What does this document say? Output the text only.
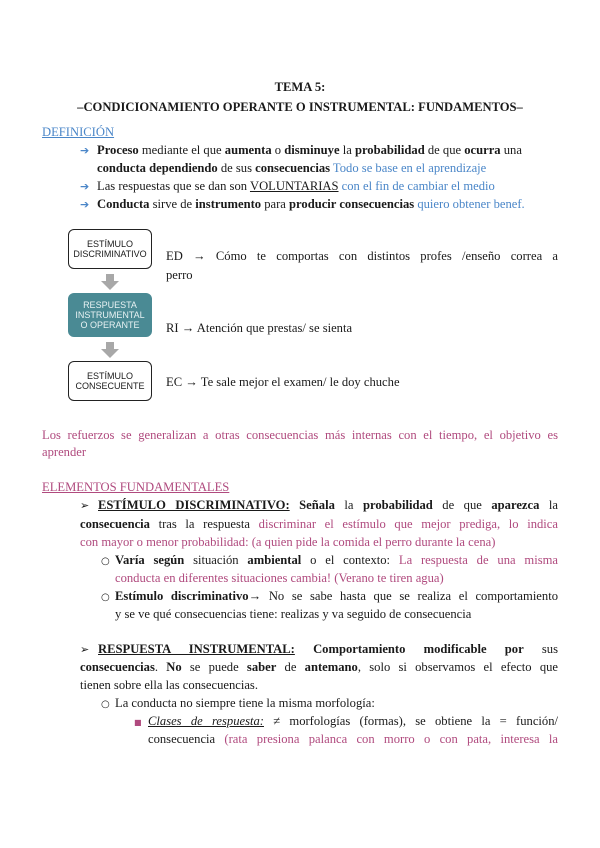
TEMA 5:
–CONDICIONAMIENTO OPERANTE O INSTRUMENTAL: FUNDAMENTOS–
DEFINICIÓN
➔ Proceso mediante el que aumenta o disminuye la probabilidad de que ocurra una
conducta dependiendo de sus consecuencias Todo se base en el aprendizaje
➔ Las respuestas que se dan son VOLUNTARIAS con el fin de cambiar el medio
➔ Conducta sirve de instrumento para producir consecuencias quiero obtener benef.
ESTÍMULO
DISCRIMINATIVO
RESPUESTA
INSTRUMENTAL
O OPERANTE
ESTÍMULO
CONSECUENTE
ED → Cómo te comportas con distintos profes /enseño correa a
perro
RI → Atención que prestas/ se sienta
EC → Te sale mejor el examen/ le doy chuche
Los refuerzos se generalizan a otras consecuencias más internas con el tiempo, el objetivo es
aprender
ELEMENTOS FUNDAMENTALES
➢ ESTÍMULO DISCRIMINATIVO: Señala la probabilidad de que aparezca la
consecuencia tras la respuesta discriminar el estímulo que mejor prediga, lo indica
con mayor o menor probabilidad: (a quien pide la comida el perro durante la cena)
○ Varía según situación ambiental o el contexto: La respuesta de una misma
conducta en diferentes situaciones cambia! (Verano te tiren agua)
○ Estímulo discriminativo→ No se sabe hasta que se realiza el comportamiento
y se ve qué consecuencias tiene: realizas y va seguido de consecuencia
➢ RESPUESTA INSTRUMENTAL: Comportamiento modificable por sus
consecuencias. No se puede saber de antemano, solo si observamos el efecto que
tienen sobre ella las consecuencias.
○ La conducta no siempre tiene la misma morfología:
■ Clases de respuesta: ≠ morfologías (formas), se obtiene la = función/
consecuencia (rata presiona palanca con morro o con pata, interesa la
